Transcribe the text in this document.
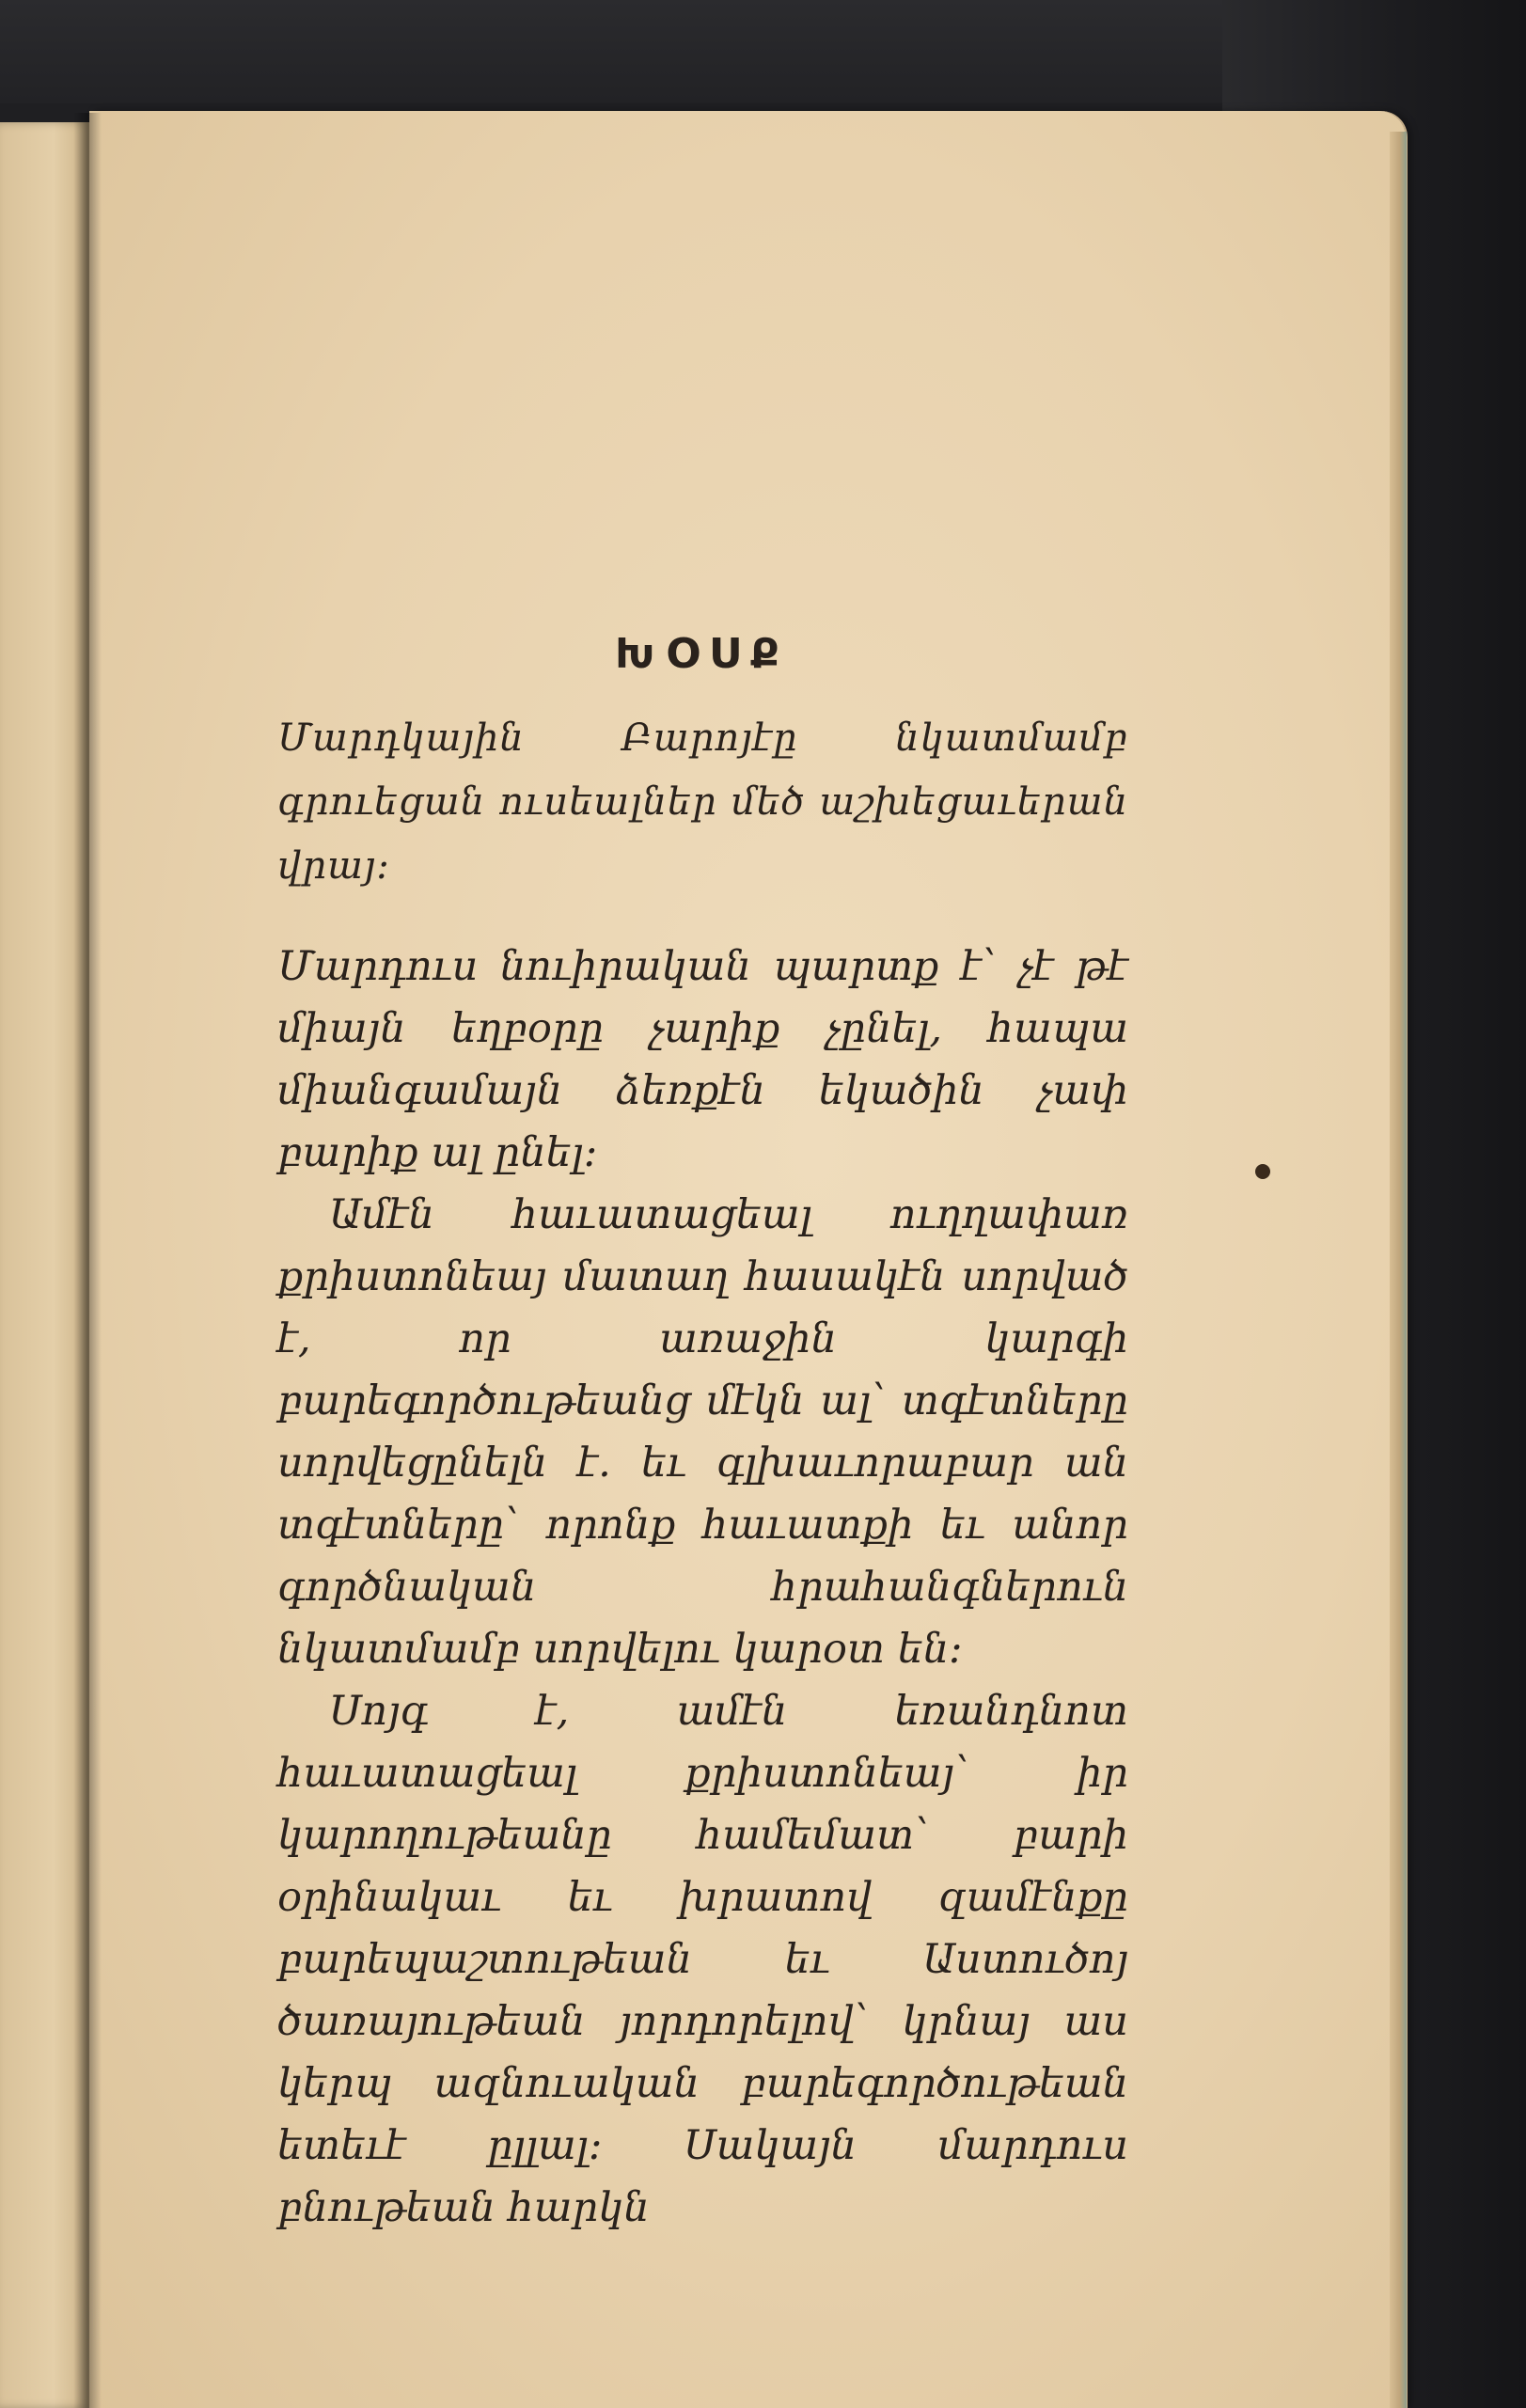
ԽՕՍՔ

Մարդկային Բարոյէը նկատմամբ գրուեցան ուսեալներ մեծ աշխեցաւերան վրայ։

Մարդուս նուիրական պարտք է՝ չէ թէ միայն եղբօրը չարիք չընել, հապա միանգամայն ձեռքէն եկածին չափ բարիք ալ ընել։

Ամէն հաւատացեալ ուղղափառ քրիստոնեայ մատաղ հասակէն սորված է, որ առաջին կարգի բարեգործութեանց մէկն ալ՝ տգէտները սորվեցընելն է. եւ գլխաւորաբար ան տգէտները՝ որոնք հաւատքի եւ անոր գործնական հրահանգներուն նկատմամբ սորվելու կարօտ են։

Սոյգ է, ամէն եռանդնոտ հաւատացեալ քրիստոնեայ՝ իր կարողութեանը համեմատ՝ բարի օրինակաւ եւ խրատով զամէնքը բարեպաշտութեան եւ Աստուծոյ ծառայութեան յորդորելով՝ կրնայ աս կերպ ազնուական բարեգործութեան ետեւէ ըլլալ։ Սակայն մարդուս բնութեան հարկն
